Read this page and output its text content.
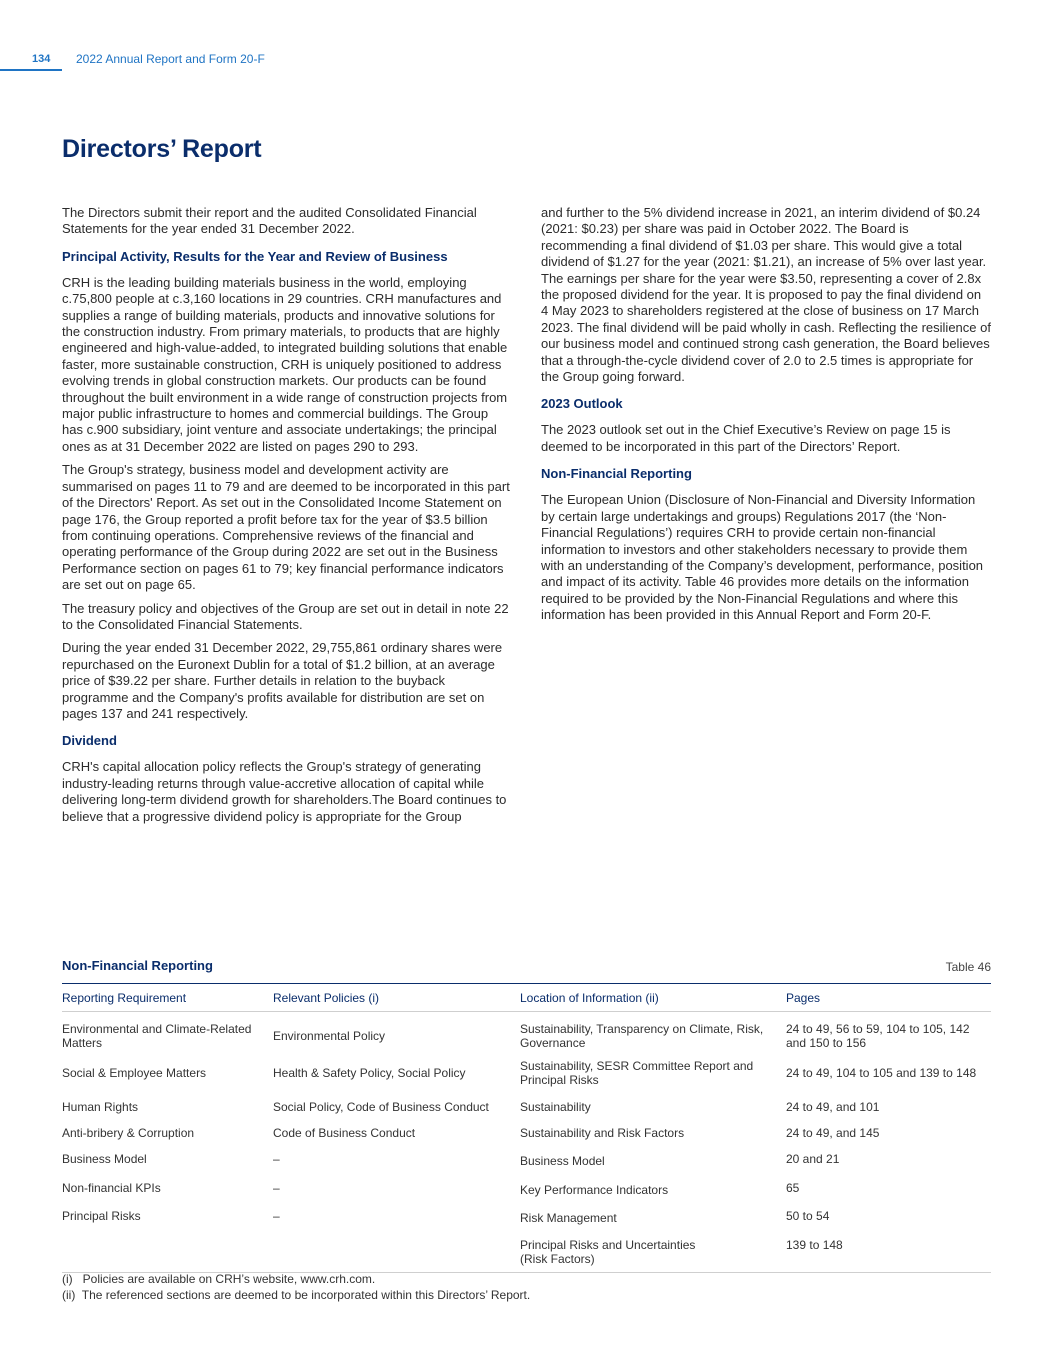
134 2022 Annual Report and Form 20-F
Directors’ Report

The Directors submit their report and the audited Consolidated Financial Statements for the year ended 31 December 2022.

Principal Activity, Results for the Year and Review of Business

CRH is the leading building materials business in the world, employing c.75,800 people at c.3,160 locations in 29 countries. CRH manufactures and supplies a range of building materials, products and innovative solutions for the construction industry. From primary materials, to products that are highly engineered and high-value-added, to integrated building solutions that enable faster, more sustainable construction, CRH is uniquely positioned to address evolving trends in global construction markets. Our products can be found throughout the built environment in a wide range of construction projects from major public infrastructure to homes and commercial buildings. The Group has c.900 subsidiary, joint venture and associate undertakings; the principal ones as at 31 December 2022 are listed on pages 290 to 293.

The Group's strategy, business model and development activity are summarised on pages 11 to 79 and are deemed to be incorporated in this part of the Directors' Report. As set out in the Consolidated Income Statement on page 176, the Group reported a profit before tax for the year of $3.5 billion from continuing operations. Comprehensive reviews of the financial and operating performance of the Group during 2022 are set out in the Business Performance section on pages 61 to 79; key financial performance indicators are set out on page 65.

The treasury policy and objectives of the Group are set out in detail in note 22 to the Consolidated Financial Statements.

During the year ended 31 December 2022, 29,755,861 ordinary shares were repurchased on the Euronext Dublin for a total of $1.2 billion, at an average price of $39.22 per share. Further details in relation to the buyback programme and the Company's profits available for distribution are set on pages 137 and 241 respectively.

Dividend

CRH's capital allocation policy reflects the Group's strategy of generating industry-leading returns through value-accretive allocation of capital while delivering long-term dividend growth for shareholders.The Board continues to believe that a progressive dividend policy is appropriate for the Group

and further to the 5% dividend increase in 2021, an interim dividend of $0.24 (2021: $0.23) per share was paid in October 2022. The Board is recommending a final dividend of $1.03 per share. This would give a total dividend of $1.27 for the year (2021: $1.21), an increase of 5% over last year. The earnings per share for the year were $3.50, representing a cover of 2.8x the proposed dividend for the year. It is proposed to pay the final dividend on 4 May 2023 to shareholders registered at the close of business on 17 March 2023. The final dividend will be paid wholly in cash. Reflecting the resilience of our business model and continued strong cash generation, the Board believes that a through-the-cycle dividend cover of 2.0 to 2.5 times is appropriate for the Group going forward.

2023 Outlook

The 2023 outlook set out in the Chief Executive’s Review on page 15 is deemed to be incorporated in this part of the Directors’ Report.

Non-Financial Reporting

The European Union (Disclosure of Non-Financial and Diversity Information by certain large undertakings and groups) Regulations 2017 (the ‘Non-Financial Regulations’) requires CRH to provide certain non-financial information to investors and other stakeholders necessary to provide them with an understanding of the Company’s development, performance, position and impact of its activity. Table 46 provides more details on the information required to be provided by the Non-Financial Regulations and where this information has been provided in this Annual Report and Form 20-F.

Non-Financial Reporting	Table 46
Reporting Requirement	Relevant Policies (i)	Location of Information (ii)	Pages
Environmental and Climate-Related Matters	Environmental Policy	Sustainability, Transparency on Climate, Risk, Governance	24 to 49, 56 to 59, 104 to 105, 142 and 150 to 156
Social & Employee Matters	Health & Safety Policy, Social Policy	Sustainability, SESR Committee Report and Principal Risks	24 to 49, 104 to 105 and 139 to 148
Human Rights	Social Policy, Code of Business Conduct	Sustainability	24 to 49, and 101
Anti-bribery & Corruption	Code of Business Conduct	Sustainability and Risk Factors	24 to 49, and 145
Business Model	–	Business Model	20 and 21
Non-financial KPIs	–	Key Performance Indicators	65
Principal Risks	–	Risk Management	50 to 54
		Principal Risks and Uncertainties (Risk Factors)	139 to 148
(i)   Policies are available on CRH’s website, www.crh.com.
(ii)  The referenced sections are deemed to be incorporated within this Directors’ Report.
